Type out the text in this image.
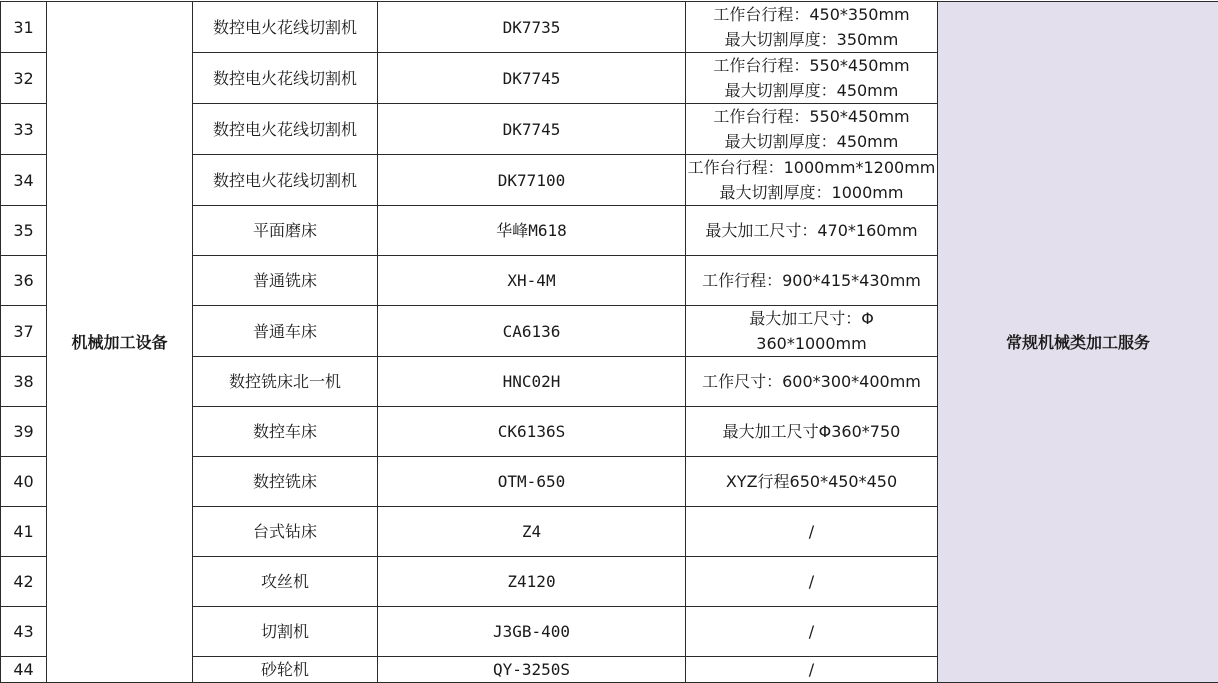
31	机械加工设备	数控电火花线切割机	DK7735	工作台行程：450*350mm
最大切割厚度：350mm	常规机械类加工服务
32		数控电火花线切割机	DK7745	工作台行程：550*450mm
最大切割厚度：450mm	

33		数控电火花线切割机	DK7745	工作台行程：550*450mm
最大切割厚度：450mm	

34		数控电火花线切割机	DK77100	工作台行程：1000mm*1200mm
最大切割厚度：1000mm	

35		平面磨床	华峰M618	最大加工尺寸：470*160mm	

36		普通铣床	XH-4M	工作行程：900*415*430mm	

37		普通车床	CA6136	最大加工尺寸：Φ
360*1000mm	

38		数控铣床北一机	HNC02H	工作尺寸：600*300*400mm	

39		数控车床	CK6136S	最大加工尺寸Φ360*750	

40		数控铣床	OTM-650	XYZ行程650*450*450	

41		台式钻床	Z4	/	

42		攻丝机	Z4120	/	

43		切割机	J3GB-400	/	

44		砂轮机	QY-3250S	/	
